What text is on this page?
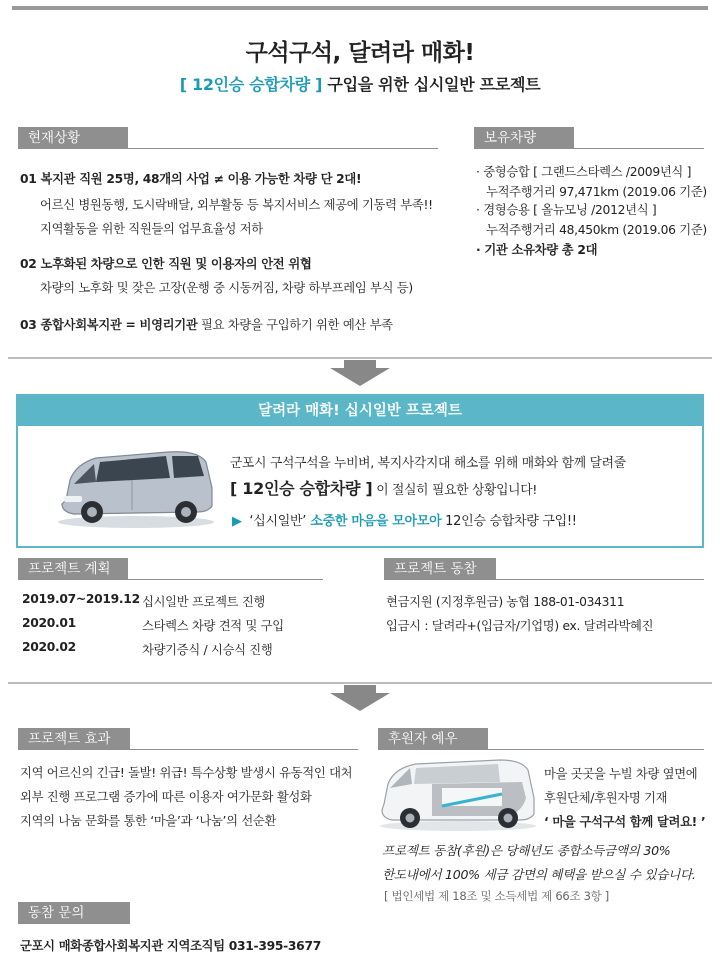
구석구석, 달려라 매화!
[ 12인승 승합차량 ] 구입을 위한 십시일반 프로젝트
현재상황
01 복지관 직원 25명, 48개의 사업 ≠ 이용 가능한 차량 단 2대!
어르신 병원동행, 도시락배달, 외부활동 등 복지서비스 제공에 기동력 부족!!
지역활동을 위한 직원들의 업무효율성 저하
02 노후화된 차량으로 인한 직원 및 이용자의 안전 위협
차량의 노후화 및 잦은 고장(운행 중 시동꺼짐, 차량 하부프레임 부식 등)
03 종합사회복지관 = 비영리기관 필요 차량을 구입하기 위한 예산 부족
보유차량
· 중형승합 [ 그랜드스타렉스 /2009년식 ]
누적주행거리 97,471km (2019.06 기준)
· 경형승용 [ 올뉴모닝 /2012년식 ]
누적주행거리 48,450km (2019.06 기준)
· 기관 소유차량 총 2대
달려라 매화! 십시일반 프로젝트
군포시 구석구석을 누비벼, 복지사각지대 해소를 위해 매화와 함께 달려줄
[ 12인승 승합차량 ] 이 절실히 필요한 상황입니다!
▶ ‘십시일반’ 소중한 마음을 모아모아 12인승 승합차량 구입!!
프로젝트 계획
2019.07~2019.12 십시일반 프로젝트 진행
2020.01	스타렉스 차량 견적 및 구입
2020.02	차량기증식 / 시승식 진행
프로젝트 동참
현금지원 (지정후원금) 농협 188-01-034311
입금시 : 달려라+(입금자/기업명) ex. 달려라박혜진
프로젝트 효과
지역 어르신의 긴급! 돌발! 위급! 특수상황 발생시 유동적인 대처
외부 진행 프로그램 증가에 따른 이용자 여가문화 활성화
지역의 나눔 문화를 통한 ‘마을’과 ‘나눔’의 선순환
후원자 예우
마을 곳곳을 누빌 차량 옆면에
후원단체/후원자명 기재
‘ 마을 구석구석 함께 달려요! ’
프로젝트 동참(후원)은 당해년도 종합소득금액의 30%
한도내에서 100% 세금 감면의 혜택을 받으실 수 있습니다.
[ 법인세법 제 18조 및 소득세법 제 66조 3항 ]
동참 문의
군포시 매화종합사회복지관 지역조직팀 031-395-3677
